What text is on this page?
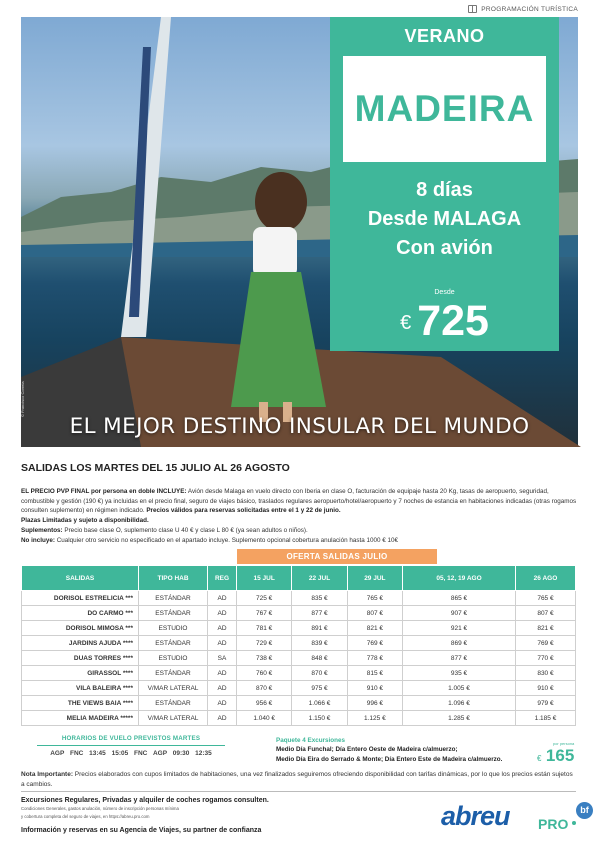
PROGRAMACIÓN TURÍSTICA
© Francisco Correia
EL MEJOR DESTINO INSULAR DEL MUNDO
VERANO
MADEIRA
8 días
Desde MALAGA
Con avión
Desde
€ 725
SALIDAS LOS MARTES DEL 15 JULIO AL 26 AGOSTO
EL PRECIO PVP FINAL por persona en doble INCLUYE: Avión desde Malaga en vuelo directo con Iberia en clase O, facturación de equipaje hasta 20 Kg, tasas de aeropuerto, seguridad, combustible y gestión (190 €) ya incluidas en el precio final, seguro de viajes básico, traslados regulares aeropuerto/hotel/aeropuerto y 7 noches de estancia en habitaciones indicadas (otras rogamos consulten suplemento) en régimen indicado. Precios válidos para reservas solicitadas entre el 1 y 22 de junio.
Plazas Limitadas y sujeto a disponibilidad.
Suplementos: Precio base clase O, suplemento clase U 40 € y clase L 80 € (ya sean adultos o niños).
No incluye: Cualquier otro servicio no especificado en el apartado incluye. Suplemento opcional cobertura anulación hasta 1000 € 10€
OFERTA SALIDAS JULIO
SALIDAS	TIPO HAB	REG	15 JUL	22 JUL	29 JUL	05, 12, 19 AGO	26 AGO
DORISOL ESTRELICIA ***	ESTÁNDAR	AD	725 €	835 €	765 €	865 €	765 €
DO CARMO ***	ESTÁNDAR	AD	767 €	877 €	807 €	907 €	807 €
DORISOL MIMOSA ***	ESTUDIO	AD	781 €	891 €	821 €	921 €	821 €
JARDINS AJUDA ****	ESTÁNDAR	AD	729 €	839 €	769 €	869 €	769 €
DUAS TORRES ****	ESTUDIO	SA	738 €	848 €	778 €	877 €	770 €
GIRASSOL ****	ESTÁNDAR	AD	760 €	870 €	815 €	935 €	830 €
VILA BALEIRA ****	V/MAR LATERAL	AD	870 €	975 €	910 €	1.005 €	910 €
THE VIEWS BAIA ****	ESTÁNDAR	AD	956 €	1.066 €	996 €	1.096 €	979 €
MELIA MADEIRA *****	V/MAR LATERAL	AD	1.040 €	1.150 €	1.125 €	1.285 €	1.185 €
HORARIOS DE VUELO PREVISTOS MARTES
AGP FNC 13:45 15:05 FNC AGP 09:30 12:35
Paquete 4 Excursiones
Medio Día Funchal; Día Entero Oeste de Madeira c/almuerzo;
Medio Día Eira do Serrado & Monte; Día Entero Este de Madeira c/almuerzo.
por persona
€ 165
Nota Importante: Precios elaborados con cupos limitados de habitaciones, una vez finalizados seguiremos ofreciendo disponibilidad con tarifas dinámicas, por lo que los precios están sujetos a cambios.
Excursiones Regulares, Privadas y alquiler de coches rogamos consulten.
Condiciones Generales, gastos anulación, número de inscripción personas mínima
y cobertura completa del seguro de viajes, en https://abreu.pro.com
Información y reservas en su Agencia de Viajes, su partner de confianza	abreu PRO
bf
